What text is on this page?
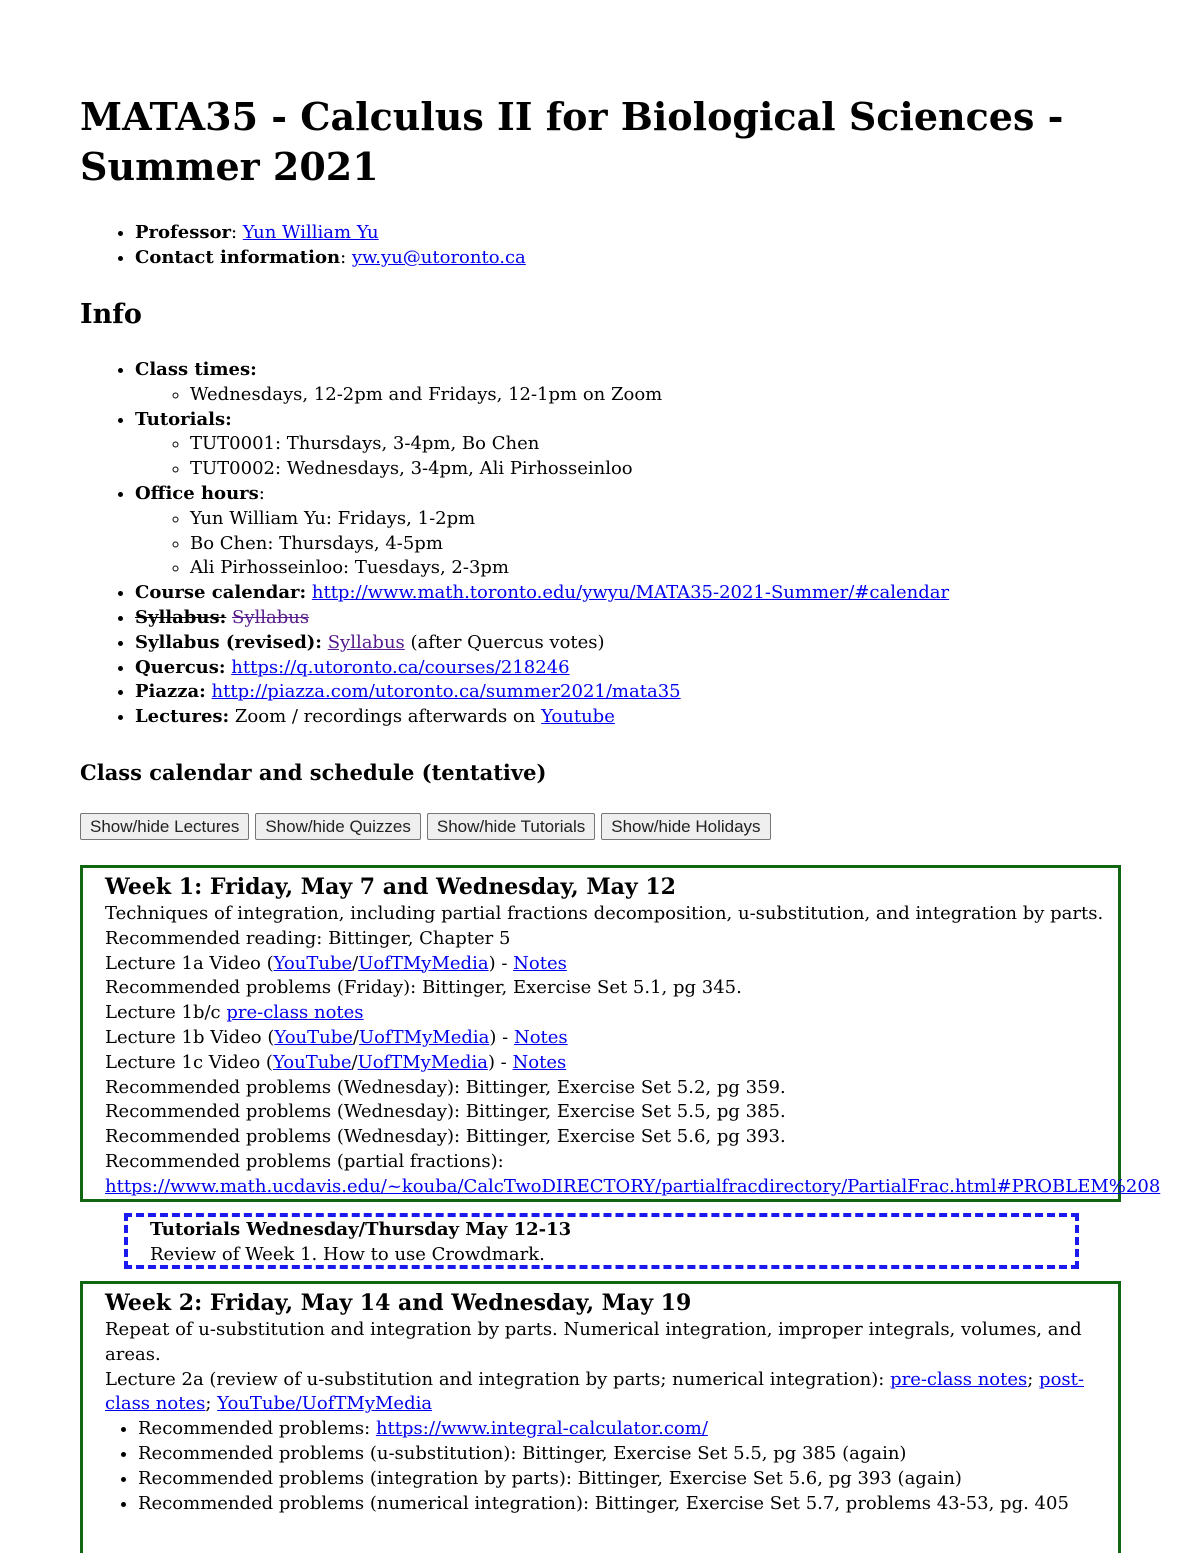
MATA35 - Calculus II for Biological Sciences - Summer 2021
• Professor: Yun William Yu
• Contact information: yw.yu@utoronto.ca
Info
• Class times:
◦ Wednesdays, 12-2pm and Fridays, 12-1pm on Zoom
• Tutorials:
◦ TUT0001: Thursdays, 3-4pm, Bo Chen
◦ TUT0002: Wednesdays, 3-4pm, Ali Pirhosseinloo
• Office hours:
◦ Yun William Yu: Fridays, 1-2pm
◦ Bo Chen: Thursdays, 4-5pm
◦ Ali Pirhosseinloo: Tuesdays, 2-3pm
• Course calendar: http://www.math.toronto.edu/ywyu/MATA35-2021-Summer/#calendar
• Syllabus: Syllabus
• Syllabus (revised): Syllabus (after Quercus votes)
• Quercus: https://q.utoronto.ca/courses/218246
• Piazza: http://piazza.com/utoronto.ca/summer2021/mata35
• Lectures: Zoom / recordings afterwards on Youtube
Class calendar and schedule (tentative)
Show/hide Lectures	Show/hide Quizzes	Show/hide Tutorials	Show/hide Holidays
Week 1: Friday, May 7 and Wednesday, May 12
Techniques of integration, including partial fractions decomposition, u-substitution, and integration by parts.
Recommended reading: Bittinger, Chapter 5
Lecture 1a Video (YouTube/UofTMyMedia) - Notes
Recommended problems (Friday): Bittinger, Exercise Set 5.1, pg 345.
Lecture 1b/c pre-class notes
Lecture 1b Video (YouTube/UofTMyMedia) - Notes
Lecture 1c Video (YouTube/UofTMyMedia) - Notes
Recommended problems (Wednesday): Bittinger, Exercise Set 5.2, pg 359.
Recommended problems (Wednesday): Bittinger, Exercise Set 5.5, pg 385.
Recommended problems (Wednesday): Bittinger, Exercise Set 5.6, pg 393.
Recommended problems (partial fractions):
https://www.math.ucdavis.edu/~kouba/CalcTwoDIRECTORY/partialfracdirectory/PartialFrac.html#PROBLEM%208
Tutorials Wednesday/Thursday May 12-13
Review of Week 1. How to use Crowdmark.
Week 2: Friday, May 14 and Wednesday, May 19
Repeat of u-substitution and integration by parts. Numerical integration, improper integrals, volumes, and areas.
Lecture 2a (review of u-substitution and integration by parts; numerical integration): pre-class notes; post-class notes; YouTube/UofTMyMedia
• Recommended problems: https://www.integral-calculator.com/
• Recommended problems (u-substitution): Bittinger, Exercise Set 5.5, pg 385 (again)
• Recommended problems (integration by parts): Bittinger, Exercise Set 5.6, pg 393 (again)
• Recommended problems (numerical integration): Bittinger, Exercise Set 5.7, problems 43-53, pg. 405
